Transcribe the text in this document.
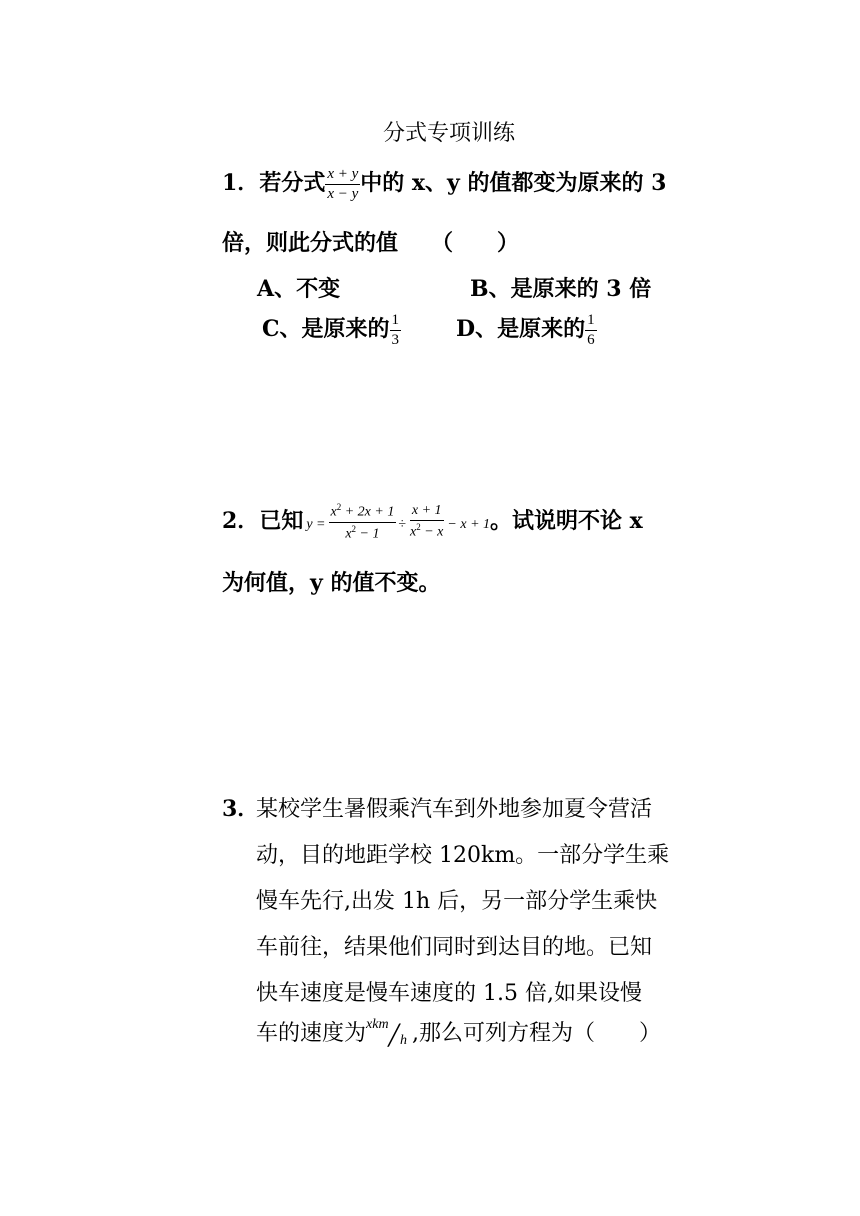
分式专项训练
1．若分式 $\frac{x + y}{x - y}$ 中的 x、y 的值都变为原来的 3
倍，则此分式的值　　（　　）
A、不变	B、是原来的 3 倍
C、是原来的 $\frac{1}{3}$ D、是原来的 $\frac{1}{6}$
2．已知 $y = \frac{x^2 + 2x + 1}{x^2 - 1} \div \frac{x + 1}{x^2 - x} - x + 1$。试说明不论 x
为何值，y 的值不变。
3．
某校学生暑假乘汽车到外地参加夏令营活
动，目的地距学校 120km。一部分学生乘
慢车先行,出发 1h 后，另一部分学生乘快
车前往，结果他们同时到达目的地。已知
快车速度是慢车速度的 1.5 倍,如果设慢
车的速度为 xkm
╱ h ,那么可列方程为（　　）
